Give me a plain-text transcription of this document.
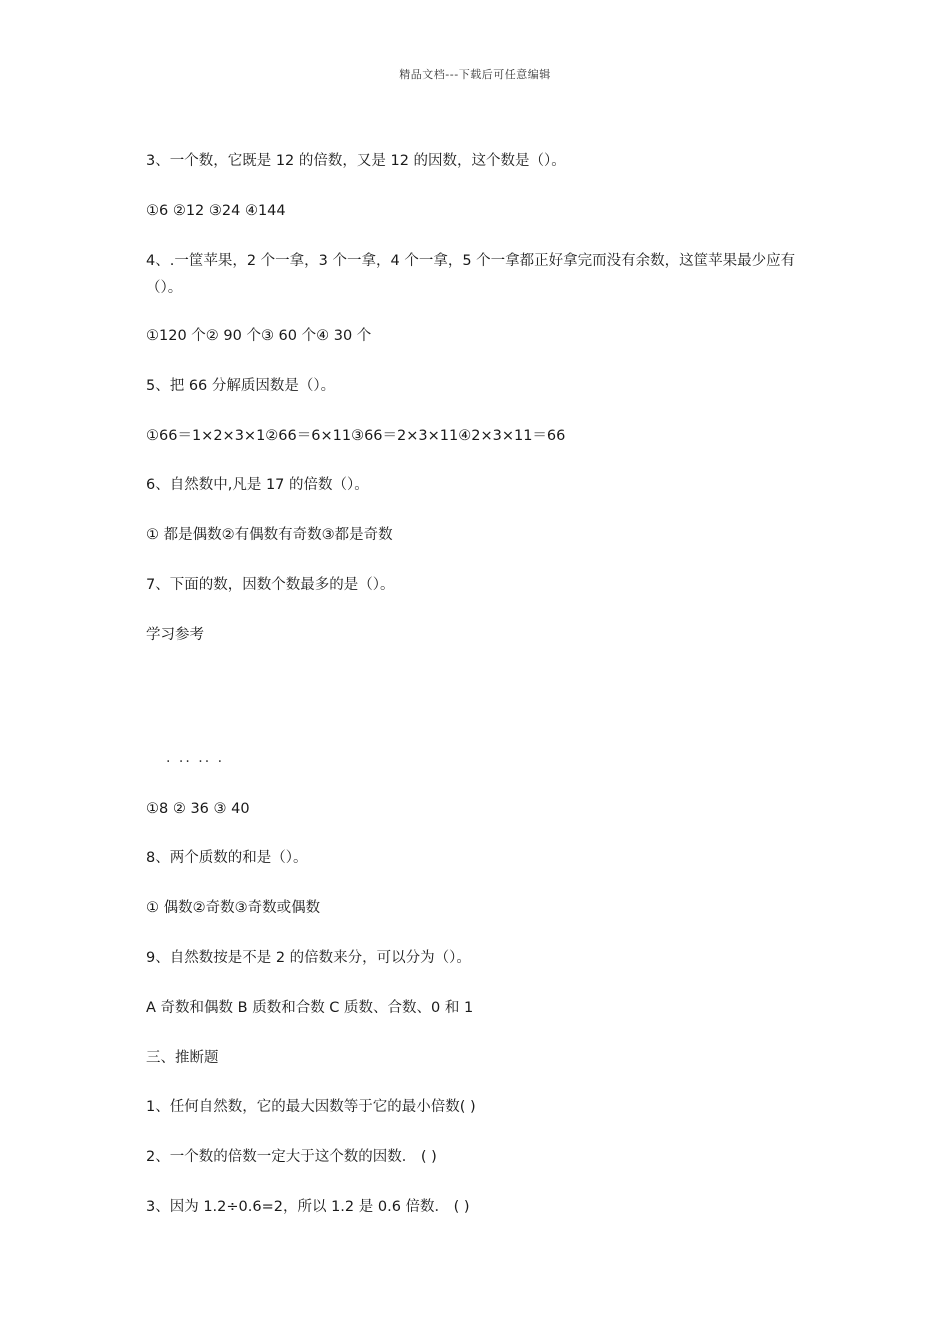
精品文档---下载后可任意编辑
3、一个数，它既是 12 的倍数，又是 12 的因数，这个数是（）。
①6 ②12 ③24 ④144
4、.一筐苹果，2 个一拿，3 个一拿，4 个一拿，5 个一拿都正好拿完而没有余数，这筐苹果最少应有（）。
①120 个② 90 个③ 60 个④ 30 个
5、把 66 分解质因数是（）。
①66＝1×2×3×1②66＝6×11③66＝2×3×11④2×3×11＝66
6、自然数中,凡是 17 的倍数（）。
① 都是偶数②有偶数有奇数③都是奇数
7、下面的数，因数个数最多的是（）。
学习参考
. .. .. .
①8 ② 36 ③ 40
8、两个质数的和是（）。
① 偶数②奇数③奇数或偶数
9、自然数按是不是 2 的倍数来分，可以分为（）。
A 奇数和偶数 B 质数和合数 C 质数、合数、0 和 1
三、推断题
1、任何自然数，它的最大因数等于它的最小倍数( )
2、一个数的倍数一定大于这个数的因数． ( )
3、因为 1.2÷0.6=2，所以 1.2 是 0.6 倍数． ( )
